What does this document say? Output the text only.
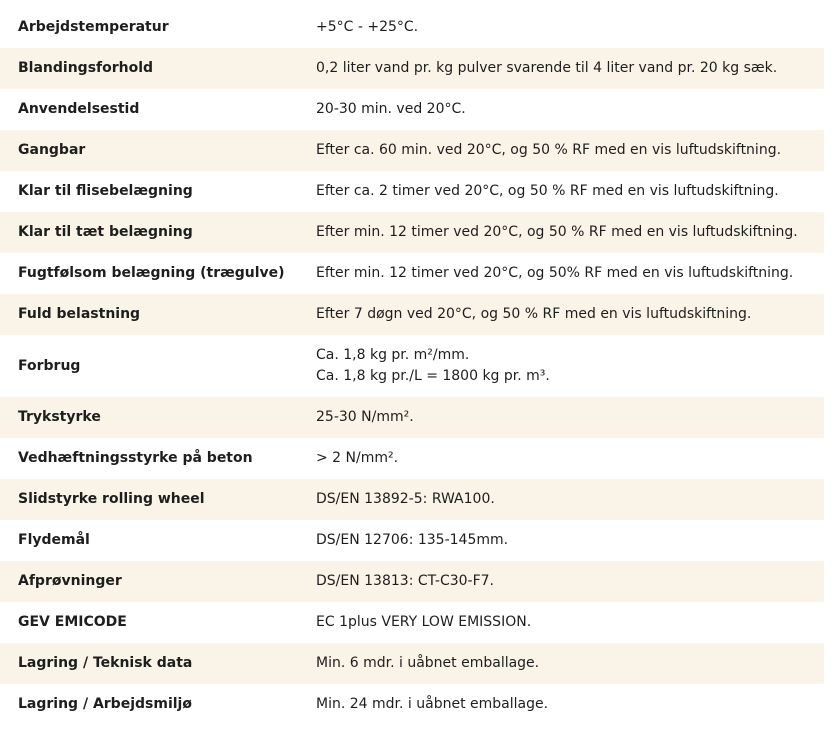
Arbejdstemperatur	+5°C - +25°C.

Blandingsforhold	0,2 liter vand pr. kg pulver svarende til 4 liter vand pr. 20 kg sæk.

Anvendelsestid	20-30 min. ved 20°C.

Gangbar	Efter ca. 60 min. ved 20°C, og 50 % RF med en vis luftudskiftning.

Klar til flisebelægning	Efter ca. 2 timer ved 20°C, og 50 % RF med en vis luftudskiftning.

Klar til tæt belægning	Efter min. 12 timer ved 20°C, og 50 % RF med en vis luftudskiftning.

Fugtfølsom belægning (trægulve)	Efter min. 12 timer ved 20°C, og 50% RF med en vis luftudskiftning.

Fuld belastning	Efter 7 døgn ved 20°C, og 50 % RF med en vis luftudskiftning.

Forbrug	Ca. 1,8 kg pr. m²/mm.
Ca. 1,8 kg pr./L = 1800 kg pr. m³.

Trykstyrke	25-30 N/mm².

Vedhæftningsstyrke på beton	> 2 N/mm².

Slidstyrke rolling wheel	DS/EN 13892-5: RWA100.

Flydemål	DS/EN 12706: 135-145mm.

Afprøvninger	DS/EN 13813: CT-C30-F7.

GEV EMICODE	EC 1plus VERY LOW EMISSION.

Lagring / Teknisk data	Min. 6 mdr. i uåbnet emballage.

Lagring / Arbejdsmiljø	Min. 24 mdr. i uåbnet emballage.
